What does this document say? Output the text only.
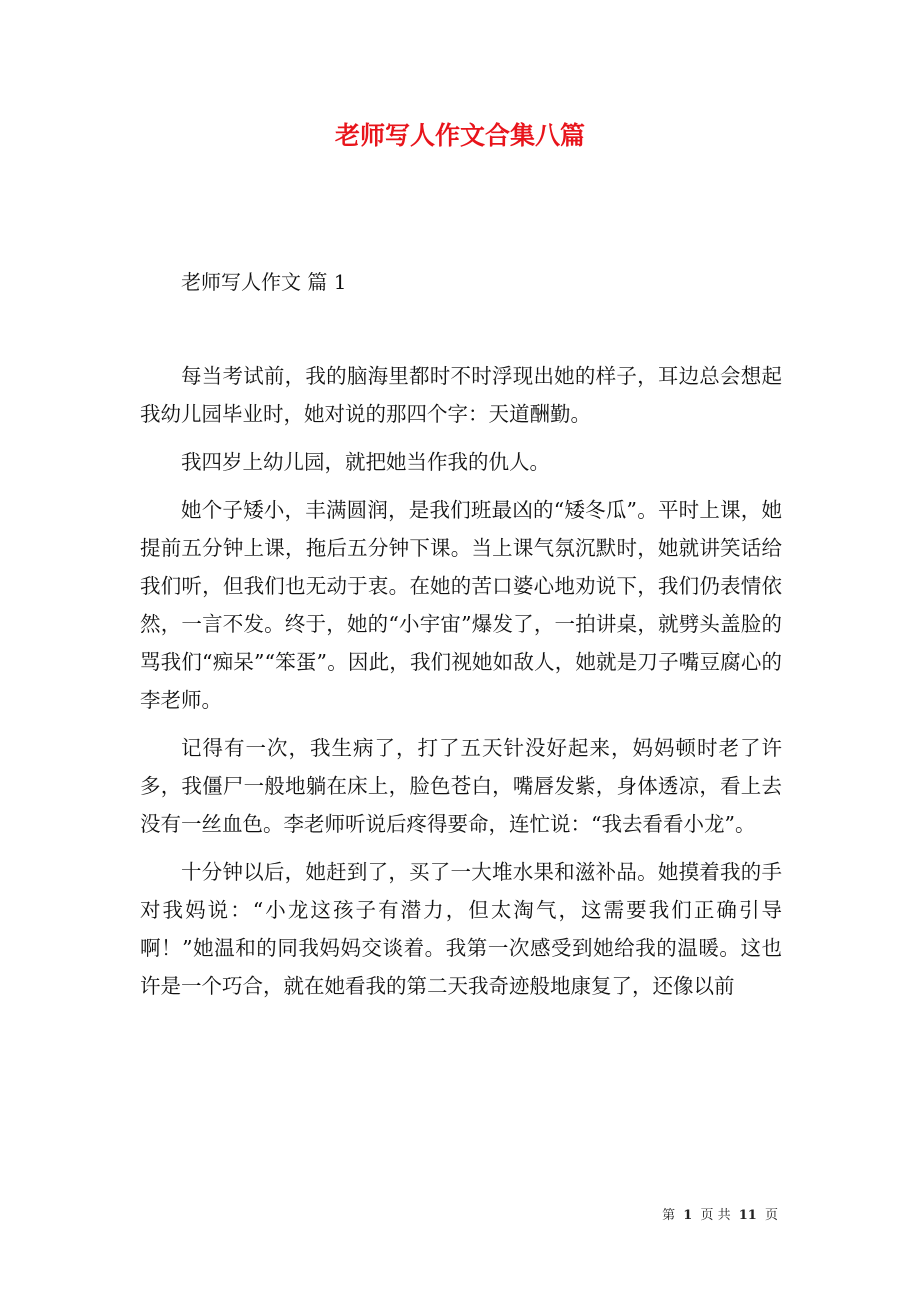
老师写人作文合集八篇
老师写人作文 篇 1

每当考试前，我的脑海里都时不时浮现出她的样子，耳边总会想起我幼儿园毕业时，她对说的那四个字：天道酬勤。

我四岁上幼儿园，就把她当作我的仇人。

她个子矮小，丰满圆润，是我们班最凶的“矮冬瓜”。平时上课，她提前五分钟上课，拖后五分钟下课。当上课气氛沉默时，她就讲笑话给我们听，但我们也无动于衷。在她的苦口婆心地劝说下，我们仍表情依然，一言不发。终于，她的“小宇宙”爆发了，一拍讲桌，就劈头盖脸的骂我们“痴呆”“笨蛋”。因此，我们视她如敌人，她就是刀子嘴豆腐心的李老师。

记得有一次，我生病了，打了五天针没好起来，妈妈顿时老了许多，我僵尸一般地躺在床上，脸色苍白，嘴唇发紫，身体透凉，看上去没有一丝血色。李老师听说后疼得要命，连忙说：“我去看看小龙”。

十分钟以后，她赶到了，买了一大堆水果和滋补品。她摸着我的手对我妈说：“小龙这孩子有潜力，但太淘气，这需要我们正确引导啊！”她温和的同我妈妈交谈着。我第一次感受到她给我的温暖。这也许是一个巧合，就在她看我的第二天我奇迹般地康复了，还像以前

第 1 页 共 11 页
